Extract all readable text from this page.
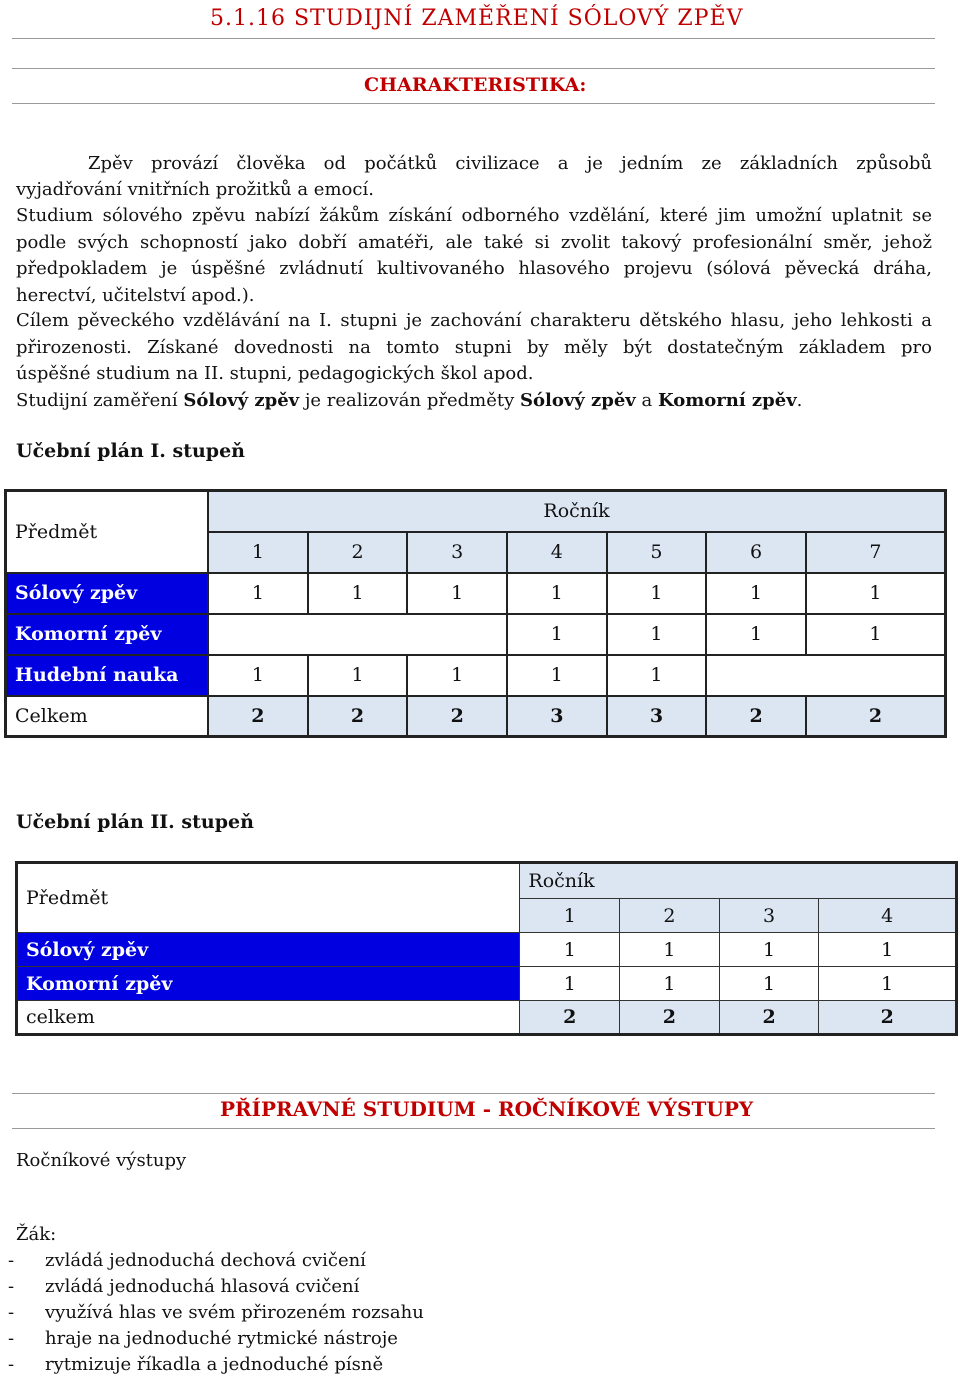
5.1.16 STUDIJNÍ ZAMĚŘENÍ SÓLOVÝ ZPĚV
CHARAKTERISTIKA:
Zpěv provází člověka od počátků civilizace a je jedním ze základních způsobů
vyjadřování vnitřních prožitků a emocí.
Studium sólového zpěvu nabízí žákům získání odborného vzdělání, které jim umožní uplatnit se
podle svých schopností jako dobří amatéři, ale také si zvolit takový profesionální směr, jehož
předpokladem je úspěšné zvládnutí kultivovaného hlasového projevu (sólová pěvecká dráha,
herectví, učitelství apod.).
Cílem pěveckého vzdělávání na I. stupni je zachování charakteru dětského hlasu, jeho lehkosti a
přirozenosti. Získané dovednosti na tomto stupni by měly být dostatečným základem pro
úspěšné studium na II. stupni, pedagogických škol apod.
Studijní zaměření Sólový zpěv je realizován předměty Sólový zpěv a Komorní zpěv.
Učební plán I. stupeň
Předmět	Ročník						
	1	2	3	4	5	6	7
Sólový zpěv	1	1	1	1	1	1	1
Komorní zpěv				1	1	1	1
Hudební nauka	1	1	1	1	1		
Celkem	2	2	2	3	3	2	2
Učební plán II. stupeň
Předmět	Ročník			
	1	2	3	4
Sólový zpěv	1	1	1	1
Komorní zpěv	1	1	1	1
celkem	2	2	2	2
PŘÍPRAVNÉ STUDIUM - ROČNÍKOVÉ VÝSTUPY
Ročníkové výstupy
Žák:
- zvládá jednoduchá dechová cvičení
- zvládá jednoduchá hlasová cvičení
- využívá hlas ve svém přirozeném rozsahu
- hraje na jednoduché rytmické nástroje
- rytmizuje říkadla a jednoduché písně
